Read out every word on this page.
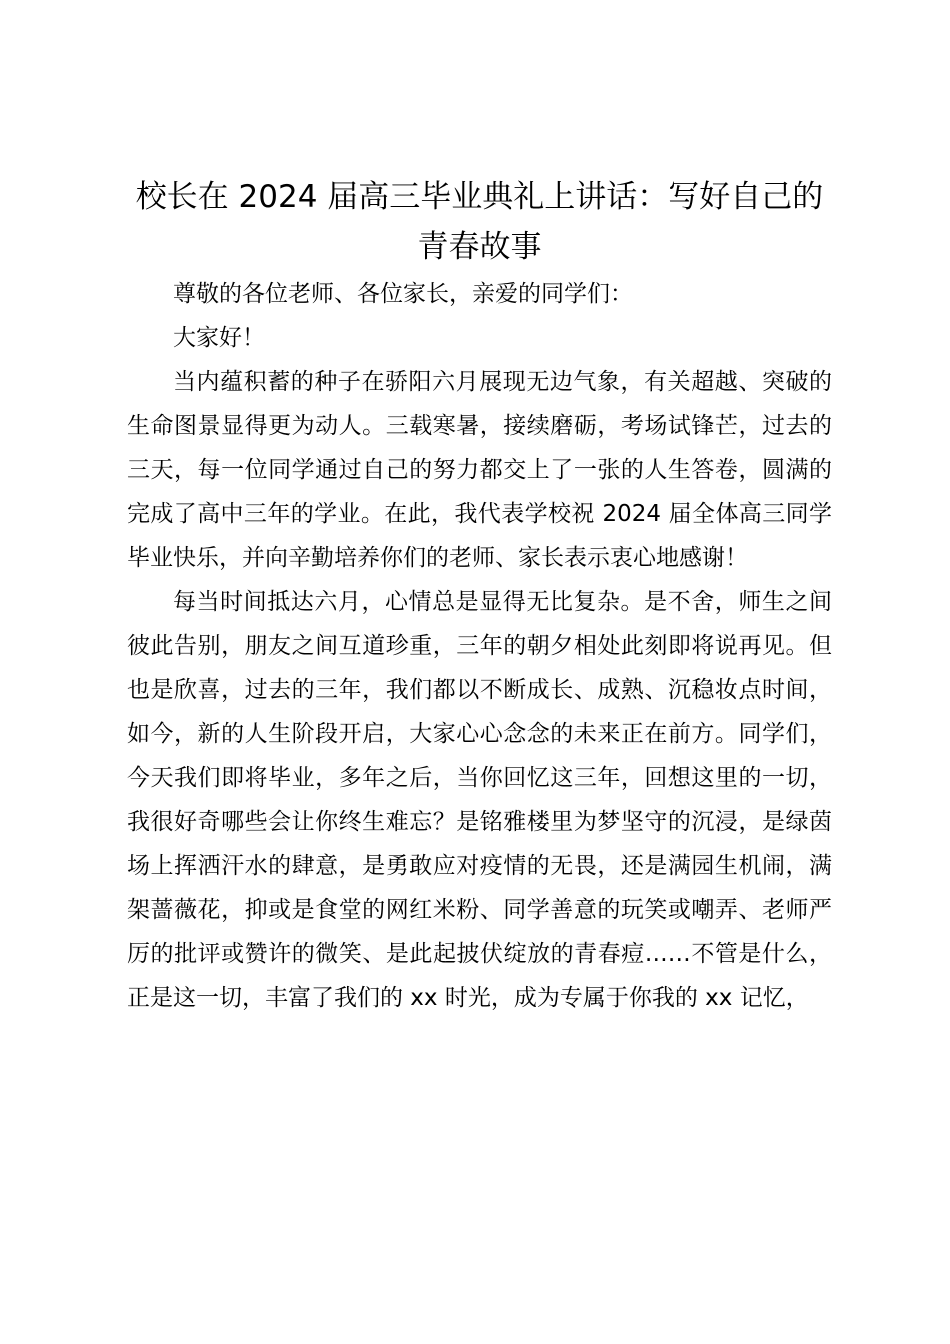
校长在 2024 届高三毕业典礼上讲话：写好自己的青春故事

尊敬的各位老师、各位家长，亲爱的同学们：

大家好！

当内蕴积蓄的种子在骄阳六月展现无边气象，有关超越、突破的生命图景显得更为动人。三载寒暑，接续磨砺，考场试锋芒，过去的三天，每一位同学通过自己的努力都交上了一张的人生答卷，圆满的完成了高中三年的学业。在此，我代表学校祝 2024 届全体高三同学毕业快乐，并向辛勤培养你们的老师、家长表示衷心地感谢！

每当时间抵达六月，心情总是显得无比复杂。是不舍，师生之间彼此告别，朋友之间互道珍重，三年的朝夕相处此刻即将说再见。但也是欣喜，过去的三年，我们都以不断成长、成熟、沉稳妆点时间，如今，新的人生阶段开启，大家心心念念的未来正在前方。同学们，今天我们即将毕业，多年之后，当你回忆这三年，回想这里的一切，我很好奇哪些会让你终生难忘？是铭雅楼里为梦坚守的沉浸，是绿茵场上挥洒汗水的肆意，是勇敢应对疫情的无畏，还是满园生机闹，满架蔷薇花，抑或是食堂的网红米粉、同学善意的玩笑或嘲弄、老师严厉的批评或赞许的微笑、是此起披伏绽放的青春痘……不管是什么，正是这一切，丰富了我们的 xx 时光，成为专属于你我的 xx 记忆，
